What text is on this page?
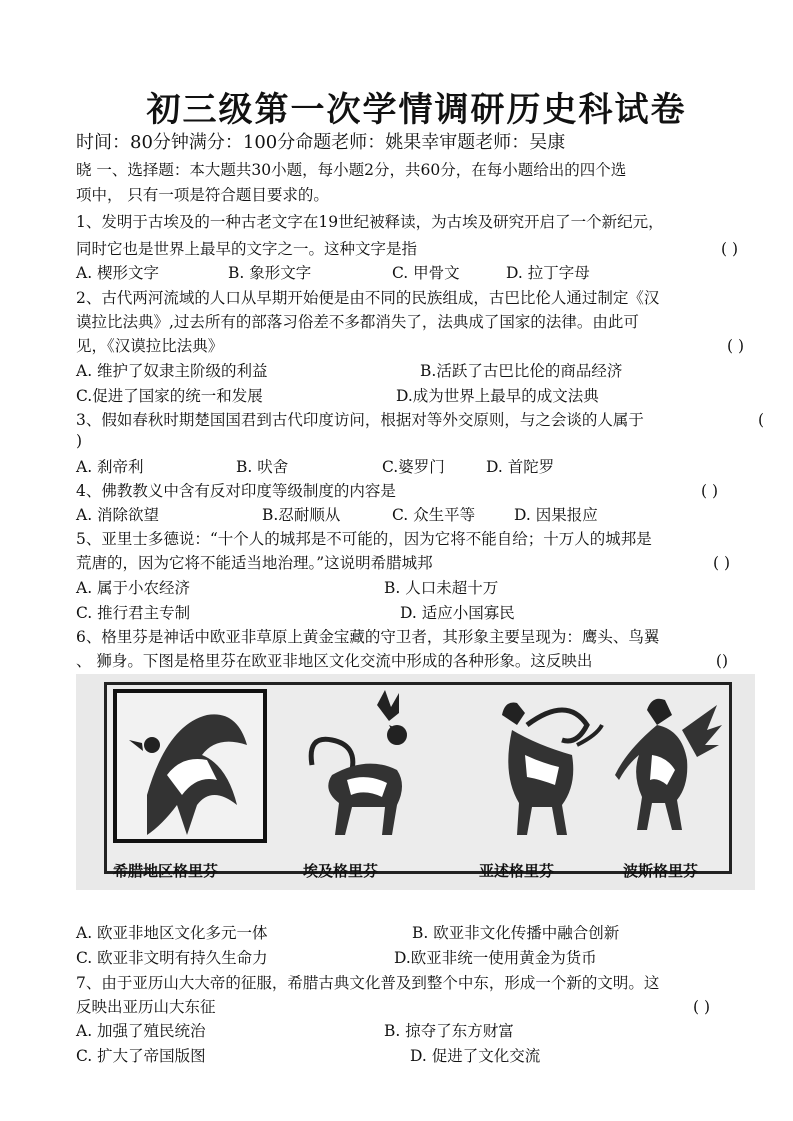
初三级第一次学情调研历史科试卷
时间：80分钟满分：100分命题老师：姚果幸审题老师：吴康
晓 一、选择题：本大题共30小题，每小题2分，共60分，在每小题给出的四个选
项中， 只有一项是符合题目要求的。
1、发明于古埃及的一种古老文字在19世纪被释读，为古埃及研究开启了一个新纪元，
同时它也是世界上最早的文字之一。这种文字是指	( )
A. 楔形文字	B. 象形文字	C. 甲骨文	D. 拉丁字母
2、古代两河流域的人口从早期开始便是由不同的民族组成，古巴比伦人通过制定《汉
谟拉比法典》,过去所有的部落习俗差不多都消失了，法典成了国家的法律。由此可
见，《汉谟拉比法典》	( )
A. 维护了奴隶主阶级的利益	B.活跃了古巴比伦的商品经济
C.促进了国家的统一和发展	D.成为世界上最早的成文法典
3、假如春秋时期楚国国君到古代印度访问，根据对等外交原则，与之会谈的人属于	(
)
A. 刹帝利	B. 吠舍	C.婆罗门	D. 首陀罗
4、佛教教义中含有反对印度等级制度的内容是	( )
A. 消除欲望	B.忍耐顺从	C. 众生平等	D. 因果报应
5、亚里士多德说：“十个人的城邦是不可能的，因为它将不能自给；十万人的城邦是
荒唐的，因为它将不能适当地治理。”这说明希腊城邦	( )
A. 属于小农经济	B. 人口未超十万
C. 推行君主专制	D. 适应小国寡民
6、格里芬是神话中欧亚非草原上黄金宝藏的守卫者，其形象主要呈现为：鹰头、鸟翼
、 狮身。下图是格里芬在欧亚非地区文化交流中形成的各种形象。这反映出	()
希腊地区格里芬	埃及格里芬	亚述格里芬	波斯格里芬
A. 欧亚非地区文化多元一体	B. 欧亚非文化传播中融合创新
C. 欧亚非文明有持久生命力	D.欧亚非统一使用黄金为货币
7、由于亚历山大大帝的征服，希腊古典文化普及到整个中东，形成一个新的文明。这
反映出亚历山大东征	( )
A. 加强了殖民统治	B. 掠夺了东方财富
C. 扩大了帝国版图	D. 促进了文化交流
